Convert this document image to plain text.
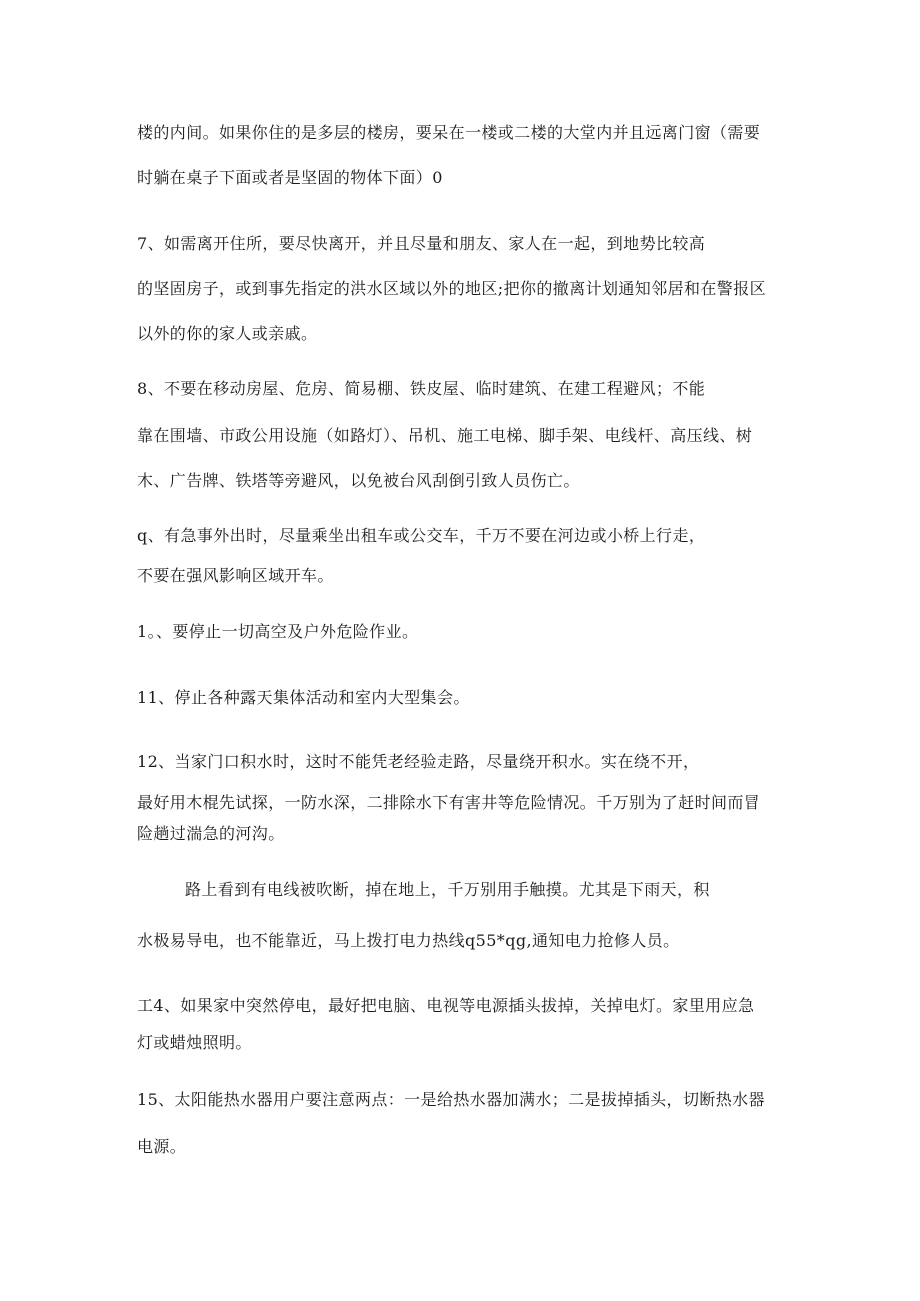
楼的内间。如果你住的是多层的楼房，要呆在一楼或二楼的大堂内并且远离门窗（需要
时躺在桌子下面或者是坚固的物体下面）0
7、如需离开住所，要尽快离开，并且尽量和朋友、家人在一起，到地势比较高
的坚固房子，或到事先指定的洪水区域以外的地区;把你的撤离计划通知邻居和在警报区
以外的你的家人或亲戚。
8、不要在移动房屋、危房、简易棚、铁皮屋、临时建筑、在建工程避风；不能
靠在围墙、市政公用设施（如路灯）、吊机、施工电梯、脚手架、电线杆、高压线、树
木、广告牌、铁塔等旁避风，以免被台风刮倒引致人员伤亡。
q、有急事外出时，尽量乘坐出租车或公交车，千万不要在河边或小桥上行走，
不要在强风影响区域开车。
1。、要停止一切高空及户外危险作业。
11、停止各种露天集体活动和室内大型集会。
12、当家门口积水时，这时不能凭老经验走路，尽量绕开积水。实在绕不开，
最好用木棍先试探，一防水深，二排除水下有害井等危险情况。千万别为了赶时间而冒
险趟过湍急的河沟。
路上看到有电线被吹断，掉在地上，千万别用手触摸。尤其是下雨天，积
水极易导电，也不能靠近，马上拨打电力热线q55*qg,通知电力抢修人员。
工4、如果家中突然停电，最好把电脑、电视等电源插头拔掉，关掉电灯。家里用应急
灯或蜡烛照明。
15、太阳能热水器用户要注意两点：一是给热水器加满水；二是拔掉插头，切断热水器
电源。
